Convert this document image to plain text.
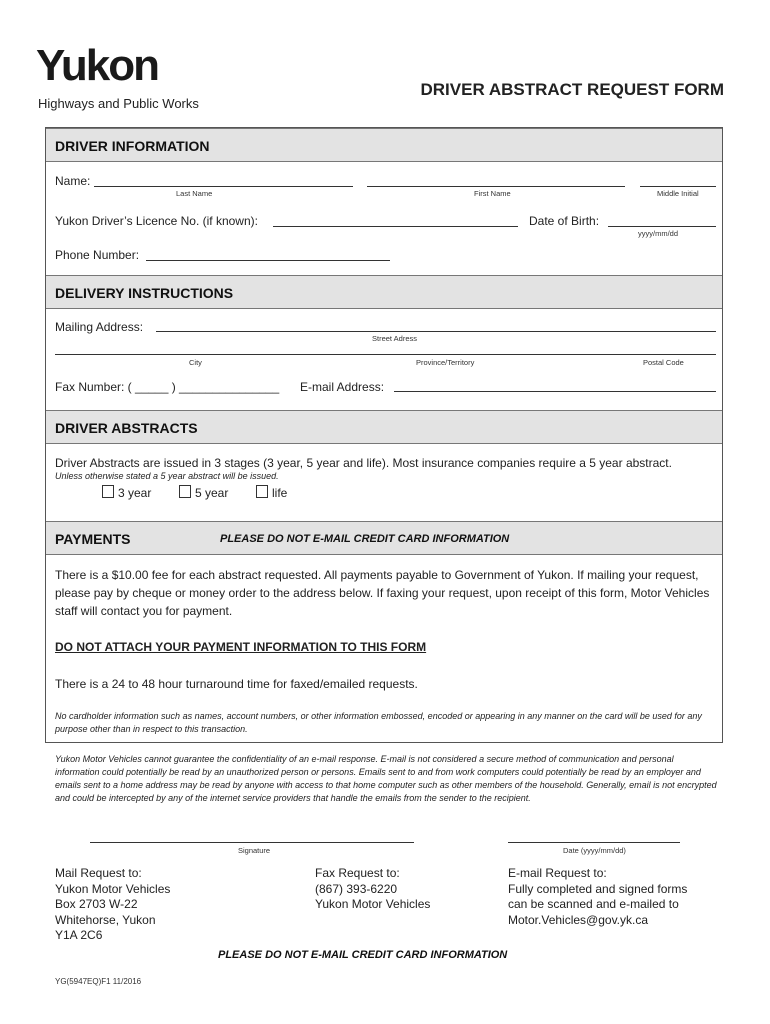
Yukon
Highways and Public Works
DRIVER ABSTRACT REQUEST FORM
DRIVER INFORMATION
Name:
Last Name	First Name	Middle Initial
Yukon Driver’s Licence No. (if known):	Date of Birth:
yyyy/mm/dd
Phone Number:
DELIVERY INSTRUCTIONS
Mailing Address:
Street Adress
City	Province/Territory	Postal Code
Fax Number: ( _____ ) _______________ E-mail Address:
DRIVER ABSTRACTS
Driver Abstracts are issued in 3 stages (3 year, 5 year and life). Most insurance companies require a 5 year abstract.
Unless otherwise stated a 5 year abstract will be issued.
3 year	5 year	life
PAYMENTS	PLEASE DO NOT E-MAIL CREDIT CARD INFORMATION
There is a $10.00 fee for each abstract requested. All payments payable to Government of Yukon. If mailing your request, please pay by cheque or money order to the address below. If faxing your request, upon receipt of this form, Motor Vehicles staff will contact you for payment.
DO NOT ATTACH YOUR PAYMENT INFORMATION TO THIS FORM
There is a 24 to 48 hour turnaround time for faxed/emailed requests.
No cardholder information such as names, account numbers, or other information embossed, encoded or appearing in any manner on the card will be used for any purpose other than in respect to this transaction.
Yukon Motor Vehicles cannot guarantee the confidentiality of an e-mail response. E-mail is not considered a secure method of communication and personal information could potentially be read by an unauthorized person or persons. Emails sent to and from work computers could potentially be read by an employer and emails sent to a home address may be read by anyone with access to that home computer such as other members of the household. Generally, email is not encrypted and could be intercepted by any of the internet service providers that handle the emails from the sender to the recipient.
Signature	Date (yyyy/mm/dd)
Mail Request to:
Yukon Motor Vehicles
Box 2703 W-22
Whitehorse, Yukon
Y1A 2C6
Fax Request to:
(867) 393-6220
Yukon Motor Vehicles
E-mail Request to:
Fully completed and signed forms
can be scanned and e-mailed to
Motor.Vehicles@gov.yk.ca
PLEASE DO NOT E-MAIL CREDIT CARD INFORMATION
YG(5947EQ)F1 11/2016
